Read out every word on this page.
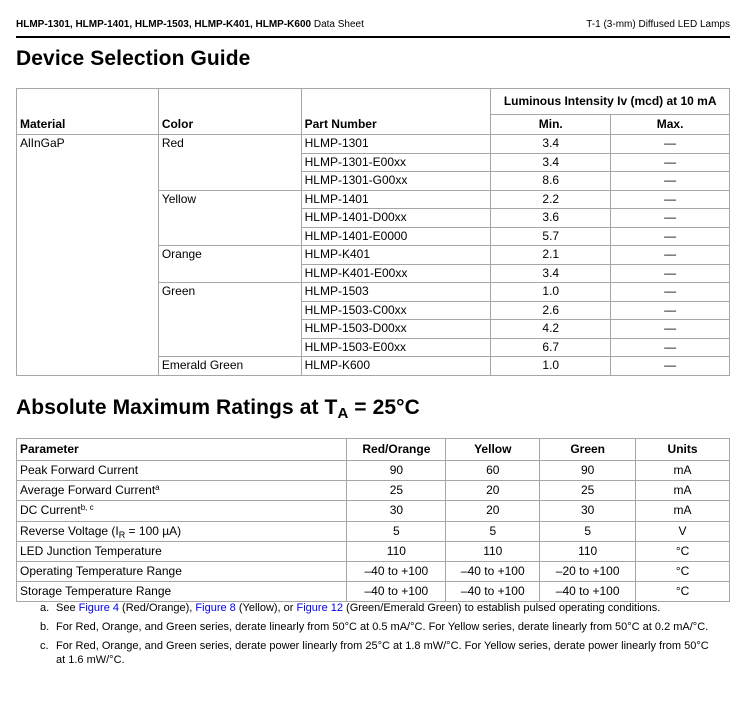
HLMP-1301, HLMP-1401, HLMP-1503, HLMP-K401, HLMP-K600 Data Sheet	T-1 (3-mm) Diffused LED Lamps
Device Selection Guide
Material	Color	Part Number	Luminous Intensity Iv (mcd) at 10 mA	
			Min.	Max.
AlInGaP	Red	HLMP-1301	3.4	—
		HLMP-1301-E00xx	3.4	—
		HLMP-1301-G00xx	8.6	—
	Yellow	HLMP-1401	2.2	—
		HLMP-1401-D00xx	3.6	—
		HLMP-1401-E0000	5.7	—
	Orange	HLMP-K401	2.1	—
		HLMP-K401-E00xx	3.4	—
	Green	HLMP-1503	1.0	—
		HLMP-1503-C00xx	2.6	—
		HLMP-1503-D00xx	4.2	—
		HLMP-1503-E00xx	6.7	—
	Emerald Green	HLMP-K600	1.0	—
Absolute Maximum Ratings at $T_A = 25^\circ C$
Parameter	Red/Orange	Yellow	Green	Units
Peak Forward Current	90	60	90	mA
Average Forward Current$^a$	25	20	25	mA
DC Current$^{b, c}$	30	20	30	mA
Reverse Voltage ($I_R = 100$ µA)	5	5	5	V
LED Junction Temperature	110	110	110	°C
Operating Temperature Range	–40 to +100	–40 to +100	–20 to +100	°C
Storage Temperature Range	–40 to +100	–40 to +100	–40 to +100	°C
a. See Figure 4 (Red/Orange), Figure 8 (Yellow), or Figure 12 (Green/Emerald Green) to establish pulsed operating conditions.
b. For Red, Orange, and Green series, derate linearly from 50°C at 0.5 mA/°C. For Yellow series, derate linearly from 50°C at 0.2 mA/°C.
c. For Red, Orange, and Green series, derate power linearly from 25°C at 1.8 mW/°C. For Yellow series, derate power linearly from 50°C at 1.6 mW/°C.
